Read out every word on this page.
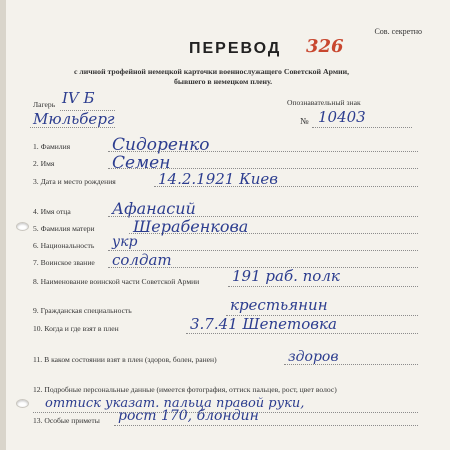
Сов. секретно
ПЕРЕВОД 326
с личной трофейной немецкой карточки военнослужащего Советской Армии,
бывшего в немецком плену.
Лагерь IV Б
Мюльберг
Опознавательный знак
№ 10403
1. Фамилия Сидоренко
2. Имя	Семен
3. Дата и место рождения	14.2.1921 Киев
4. Имя отца	Афанасий
5. Фамилия матери Шерабенкова
6. Национальность укр
7. Воинское звание солдат
8. Наименование воинской части Советской Армии 191 раб. полк
9. Гражданская специальность	крестьянин
10. Когда и где взят в плен	3.7.41 Шепетовка
11. В каком состоянии взят в плен (здоров, болен, ранен)	здоров
12. Подробные персональные данные (имеется фотография, оттиск пальцев, рост, цвет волос)
оттиск указат. пальца правой руки,
13. Особые приметы рост 170, блондин
